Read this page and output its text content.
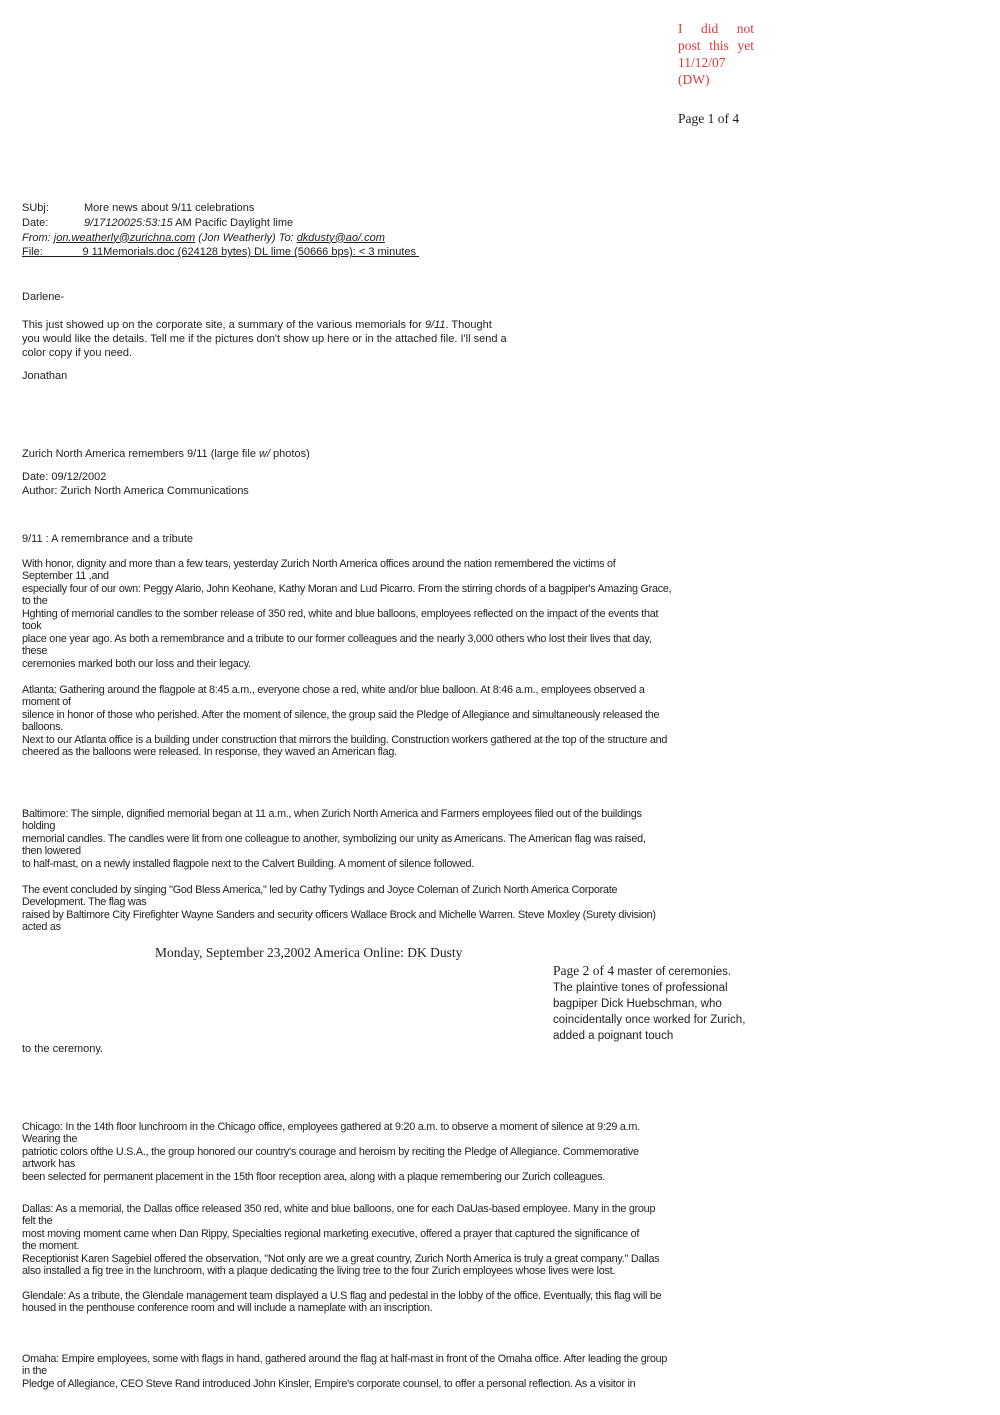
I did not
post this yet
11/12/07
(DW)
Page 1 of 4
SUbj:	More news about 9/11 celebrations
Date:	9/17120025:53:15 AM Pacific Daylight lime
From: jon.weatherly@zurichna.com (Jon Weatherly) To: dkdusty@ao/.com
File:             9 11Memorials.doc (624128 bytes) DL lime (50666 bps): < 3 minutes
Darlene-
This just showed up on the corporate site, a summary of the various memorials for 9/11. Thought
you would like the details. Tell me if the pictures don't show up here or in the attached file. I'll send a
color copy if you need.
Jonathan
Zurich North America remembers 9/11 (large file w/ photos)
Date: 09/12/2002
Author: Zurich North America Communications
9/11 : A remembrance and a tribute
With honor, dignity and more than a few tears, yesterday Zurich North America offices around the nation remembered the victims of
September 11 ,and
especially four of our own: Peggy Alario, John Keohane, Kathy Moran and Lud Picarro. From the stirring chords of a bagpiper's Amazing Grace,
to the
Hghting of memorial candles to the somber release of 350 red, white and blue balloons, employees reflected on the impact of the events that
took
place one year ago. As both a remembrance and a tribute to our former colleagues and the nearly 3,000 others who lost their lives that day,
these
ceremonies marked both our loss and their legacy.
Atlanta: Gathering around the flagpole at 8:45 a.m., everyone chose a red, white and/or blue balloon. At 8:46 a.m., employees observed a
moment of
silence in honor of those who perished. After the moment of silence, the group said the Pledge of Allegiance and simultaneously released the
balloons.
Next to our Atlanta office is a building under construction that mirrors the building. Construction workers gathered at the top of the structure and
cheered as the balloons were released. In response, they waved an American flag.
Baltimore: The simple, dignified memorial began at 11 a.m., when Zurich North America and Farmers employees filed out of the buildings
holding
memorial candles. The candles were lit from one colleague to another, symbolizing our unity as Americans. The American flag was raised,
then lowered
to half-mast, on a newly installed flagpole next to the Calvert Building. A moment of silence followed.
The event concluded by singing "God Bless America," led by Cathy Tydings and Joyce Coleman of Zurich North America Corporate
Development. The flag was
raised by Baltimore City Firefighter Wayne Sanders and security officers Wallace Brock and Michelle Warren. Steve Moxley (Surety division)
acted as
Monday, September 23,2002 America Online: DK Dusty
Page 2 of 4 master of ceremonies.
The plaintive tones of professional
bagpiper Dick Huebschman, who
coincidentally once worked for Zurich,
added a poignant touch
to the ceremony.
Chicago: In the 14th floor lunchroom in the Chicago office, employees gathered at 9:20 a.m. to observe a moment of silence at 9:29 a.m.
Wearing the
patriotic colors ofthe U.S.A., the group honored our country's courage and heroism by reciting the Pledge of Allegiance. Commemorative
artwork has
been selected for permanent placement in the 15th floor reception area, along with a plaque remembering our Zurich colleagues.
Dallas: As a memorial, the Dallas office released 350 red, white and blue balloons, one for each DaUas-based employee. Many in the group
felt the
most moving moment came when Dan Rippy, Specialties regional marketing executive, offered a prayer that captured the significance of
the moment.
Receptionist Karen Sagebiel offered the observation, "Not only are we a great country, Zurich North America is truly a great company." Dallas
also installed a fig tree in the lunchroom, with a plaque dedicating the living tree to the four Zurich employees whose lives were lost.
Glendale: As a tribute, the Glendale management team displayed a U.S flag and pedestal in the lobby of the office. Eventually, this flag will be
housed in the penthouse conference room and will include a nameplate with an inscription.
Omaha: Empire employees, some with flags in hand, gathered around the flag at half-mast in front of the Omaha office. After leading the group
in the
Pledge of Allegiance, CEO Steve Rand introduced John Kinsler, Empire's corporate counsel, to offer a personal reflection. As a visitor in
